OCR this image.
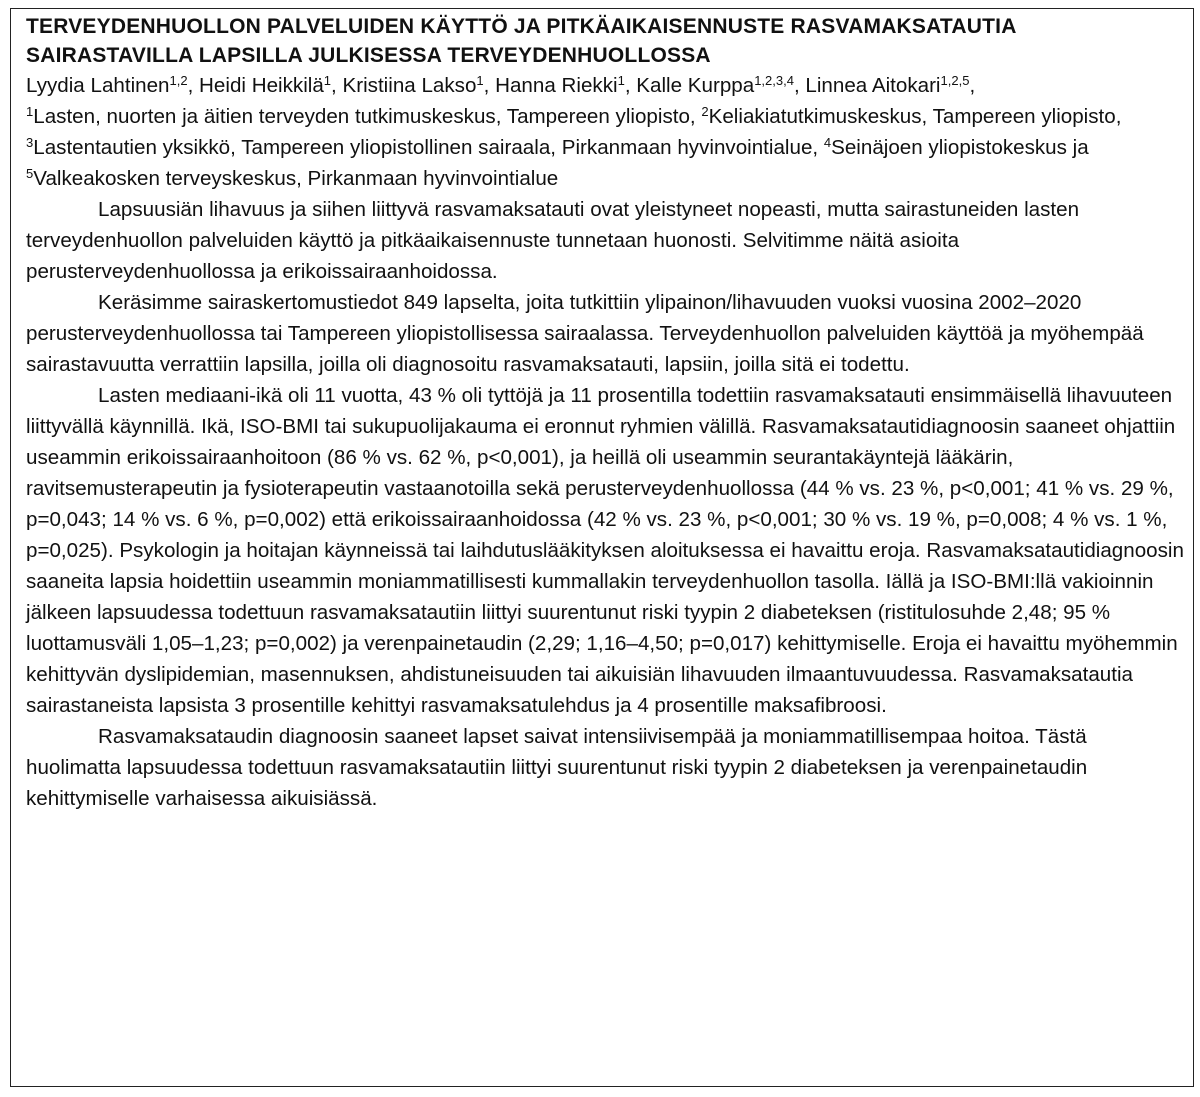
TERVEYDENHUOLLON PALVELUIDEN KÄYTTÖ JA PITKÄAIKAISENNUSTE RASVAMAKSATAUTIA
SAIRASTAVILLA LAPSILLA JULKISESSA TERVEYDENHUOLLOSSA
Lyydia Lahtinen$^{1,2}$, Heidi Heikkilä$^1$, Kristiina Lakso$^1$, Hanna Riekki$^1$, Kalle Kurppa$^{1,2,3,4}$, Linnea Aitokari$^{1,2,5}$,
$^1$Lasten, nuorten ja äitien terveyden tutkimuskeskus, Tampereen yliopisto, $^2$Keliakiatutkimuskeskus, Tampereen yliopisto, $^3$Lastentautien yksikkö, Tampereen yliopistollinen sairaala, Pirkanmaan hyvinvointialue, $^4$Seinäjoen yliopistokeskus ja $^5$Valkeakosken terveyskeskus, Pirkanmaan hyvinvointialue

Lapsuusiän lihavuus ja siihen liittyvä rasvamaksatauti ovat yleistyneet nopeasti, mutta sairastuneiden lasten terveydenhuollon palveluiden käyttö ja pitkäaikaisennuste tunnetaan huonosti. Selvitimme näitä asioita perusterveydenhuollossa ja erikoissairaanhoidossa.

Keräsimme sairaskertomustiedot 849 lapselta, joita tutkittiin ylipainon/lihavuuden vuoksi vuosina 2002–2020 perusterveydenhuollossa tai Tampereen yliopistollisessa sairaalassa. Terveydenhuollon palveluiden käyttöä ja myöhempää sairastavuutta verrattiin lapsilla, joilla oli diagnosoitu rasvamaksatauti, lapsiin, joilla sitä ei todettu.

Lasten mediaani-ikä oli 11 vuotta, 43 % oli tyttöjä ja 11 prosentilla todettiin rasvamaksatauti ensimmäisellä lihavuuteen liittyvällä käynnillä. Ikä, ISO-BMI tai sukupuolijakauma ei eronnut ryhmien välillä. Rasvamaksatautidiagnoosin saaneet ohjattiin useammin erikoissairaanhoitoon (86 % vs. 62 %, p<0,001), ja heillä oli useammin seurantakäyntejä lääkärin, ravitsemusterapeutin ja fysioterapeutin vastaanotoilla sekä perusterveydenhuollossa (44 % vs. 23 %, p<0,001; 41 % vs. 29 %, p=0,043; 14 % vs. 6 %, p=0,002) että erikoissairaanhoidossa (42 % vs. 23 %, p<0,001; 30 % vs. 19 %, p=0,008; 4 % vs. 1 %, p=0,025). Psykologin ja hoitajan käynneissä tai laihdutuslääkityksen aloituksessa ei havaittu eroja. Rasvamaksatautidiagnoosin saaneita lapsia hoidettiin useammin moniammatillisesti kummallakin terveydenhuollon tasolla. Iällä ja ISO-BMI:llä vakioinnin jälkeen lapsuudessa todettuun rasvamaksatautiin liittyi suurentunut riski tyypin 2 diabeteksen (ristitulosuhde 2,48; 95 % luottamusväli 1,05–1,23; p=0,002) ja verenpainetaudin (2,29; 1,16–4,50; p=0,017) kehittymiselle. Eroja ei havaittu myöhemmin kehittyvän dyslipidemian, masennuksen, ahdistuneisuuden tai aikuisiän lihavuuden ilmaantuvuudessa. Rasvamaksatautia sairastaneista lapsista 3 prosentille kehittyi rasvamaksatulehdus ja 4 prosentille maksafibroosi.

Rasvamaksataudin diagnoosin saaneet lapset saivat intensiivisempää ja moniammatillisempaa hoitoa. Tästä huolimatta lapsuudessa todettuun rasvamaksatautiin liittyi suurentunut riski tyypin 2 diabeteksen ja verenpainetaudin kehittymiselle varhaisessa aikuisiässä.
